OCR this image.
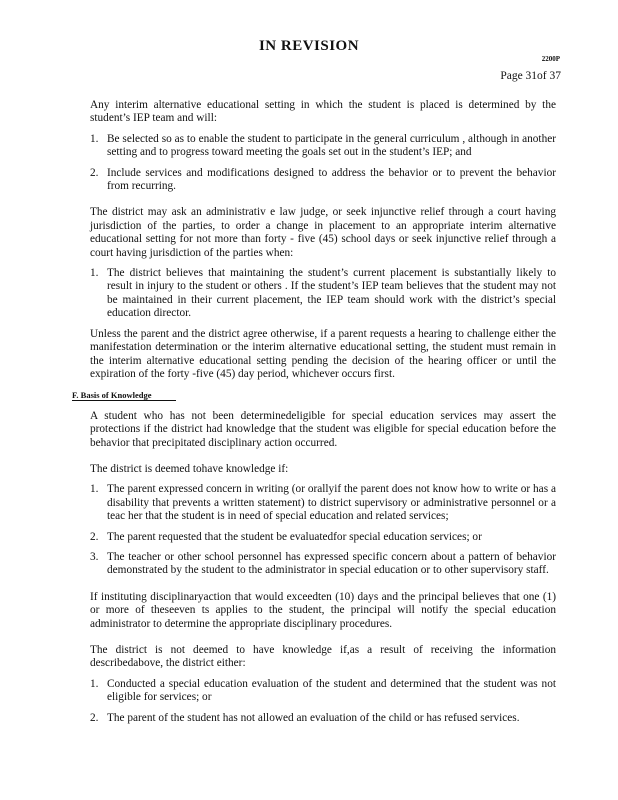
IN REVISION
2200P
Page 31of 37

Any interim alternative educational setting in which the student is placed is determined by the student’s IEP team and will:

1. Be selected so as to enable the student to participate in the general curriculum , although in another setting and to progress toward meeting the goals set out in the student’s IEP; and
2. Include services and modifications designed to address the behavior or to prevent the behavior from recurring.

The district may ask an administrativ e law judge, or seek injunctive relief through a court having jurisdiction of the parties, to order a change in placement to an appropriate interim alternative educational setting for not more than forty - five (45) school days or seek injunctive relief through a court having jurisdiction of the parties when:

1. The district believes that maintaining the student’s current placement is substantially likely to result in injury to the student or others . If the student’s IEP team believes that the student may not be maintained in their current placement, the IEP team should work with the district’s special education director.

Unless the parent and the district agree otherwise, if a parent requests a hearing to challenge either the manifestation determination or the interim alternative educational setting, the student must remain in the interim alternative educational setting pending the decision of the hearing officer or until the expiration of the forty -five (45) day period, whichever occurs first.

F. Basis of Knowledge

A student who has not been determinedeligible for special education services may assert the protections if the district had knowledge that the student was eligible for special education before the behavior that precipitated disciplinary action occurred.

The district is deemed tohave knowledge if:

1. The parent expressed concern in writing (or orallyif the parent does not know how to write or has a disability that prevents a written statement) to district supervisory or administrative personnel or a teac her that the student is in need of special education and related services;
2. The parent requested that the student be evaluatedfor special education services; or
3. The teacher or other school personnel has expressed specific concern about a pattern of behavior demonstrated by the student to the administrator in special education or to other supervisory staff.

If instituting disciplinaryaction that would exceedten (10) days and the principal believes that one (1) or more of theseeven ts applies to the student, the principal will notify the special education administrator to determine the appropriate disciplinary procedures.

The district is not deemed to have knowledge if,as a result of receiving the information describedabove, the district either:

1. Conducted a special education evaluation of the student and determined that the student was not eligible for services; or
2. The parent of the student has not allowed an evaluation of the child or has refused services.
